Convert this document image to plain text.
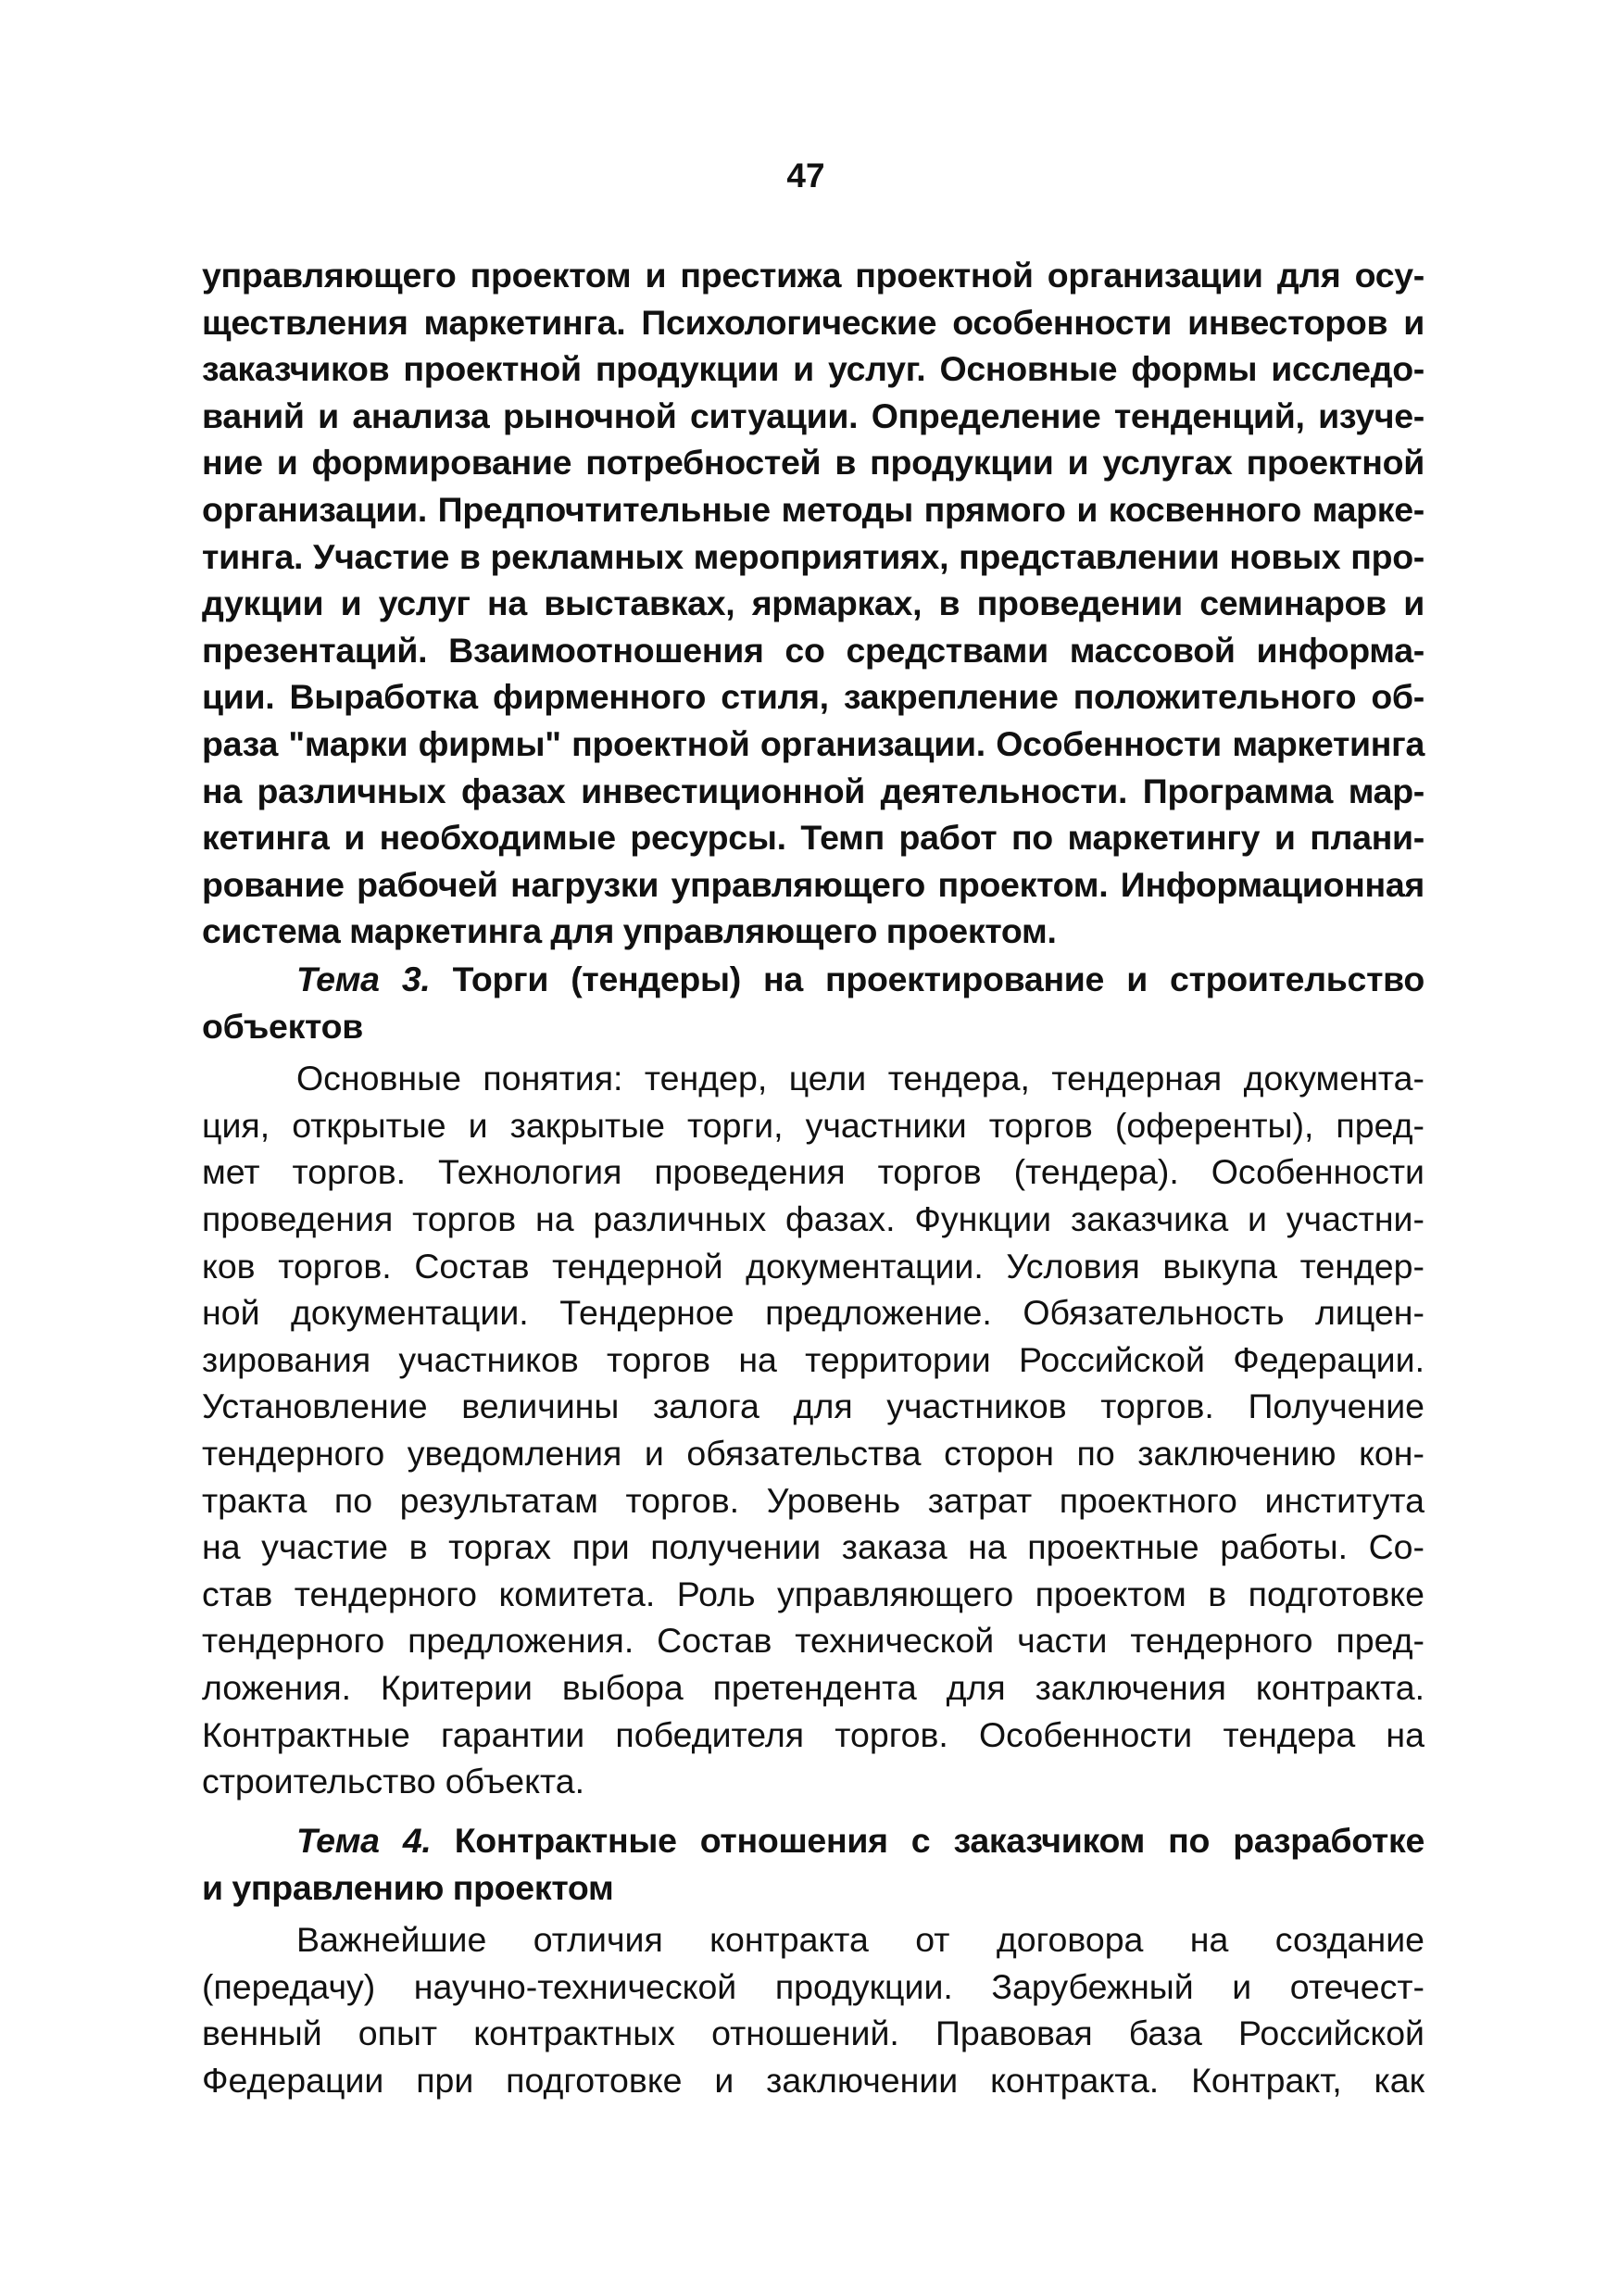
47
управляющего проектом и престижа проектной организации для осу-
ществления маркетинга. Психологические особенности инвесторов и
заказчиков проектной продукции и услуг. Основные формы исследо-
ваний и анализа рыночной ситуации. Определение тенденций, изуче-
ние и формирование потребностей в продукции и услугах проектной
организации. Предпочтительные методы прямого и косвенного марке-
тинга. Участие в рекламных мероприятиях, представлении новых про-
дукции и услуг на выставках, ярмарках, в проведении семинаров и
презентаций. Взаимоотношения со средствами массовой информа-
ции. Выработка фирменного стиля, закрепление положительного об-
раза "марки фирмы" проектной организации. Особенности маркетинга
на различных фазах инвестиционной деятельности. Программа мар-
кетинга и необходимые ресурсы. Темп работ по маркетингу и плани-
рование рабочей нагрузки управляющего проектом. Информационная
система маркетинга для управляющего проектом.
Тема 3. Торги (тендеры) на проектирование и строительство
объектов
Основные понятия: тендер, цели тендера, тендерная документа-
ция, открытые и закрытые торги, участники торгов (оференты), пред-
мет торгов. Технология проведения торгов (тендера). Особенности
проведения торгов на различных фазах. Функции заказчика и участни-
ков торгов. Состав тендерной документации. Условия выкупа тендер-
ной документации. Тендерное предложение. Обязательность лицен-
зирования участников торгов на территории Российской Федерации.
Установление величины залога для участников торгов. Получение
тендерного уведомления и обязательства сторон по заключению кон-
тракта по результатам торгов. Уровень затрат проектного института
на участие в торгах при получении заказа на проектные работы. Со-
став тендерного комитета. Роль управляющего проектом в подготовке
тендерного предложения. Состав технической части тендерного пред-
ложения. Критерии выбора претендента для заключения контракта.
Контрактные гарантии победителя торгов. Особенности тендера на
строительство объекта.
Тема 4. Контрактные отношения с заказчиком по разработке
и управлению проектом
Важнейшие отличия контракта от договора на создание
(передачу) научно-технической продукции. Зарубежный и отечест-
венный опыт контрактных отношений. Правовая база Российской
Федерации при подготовке и заключении контракта. Контракт, как
